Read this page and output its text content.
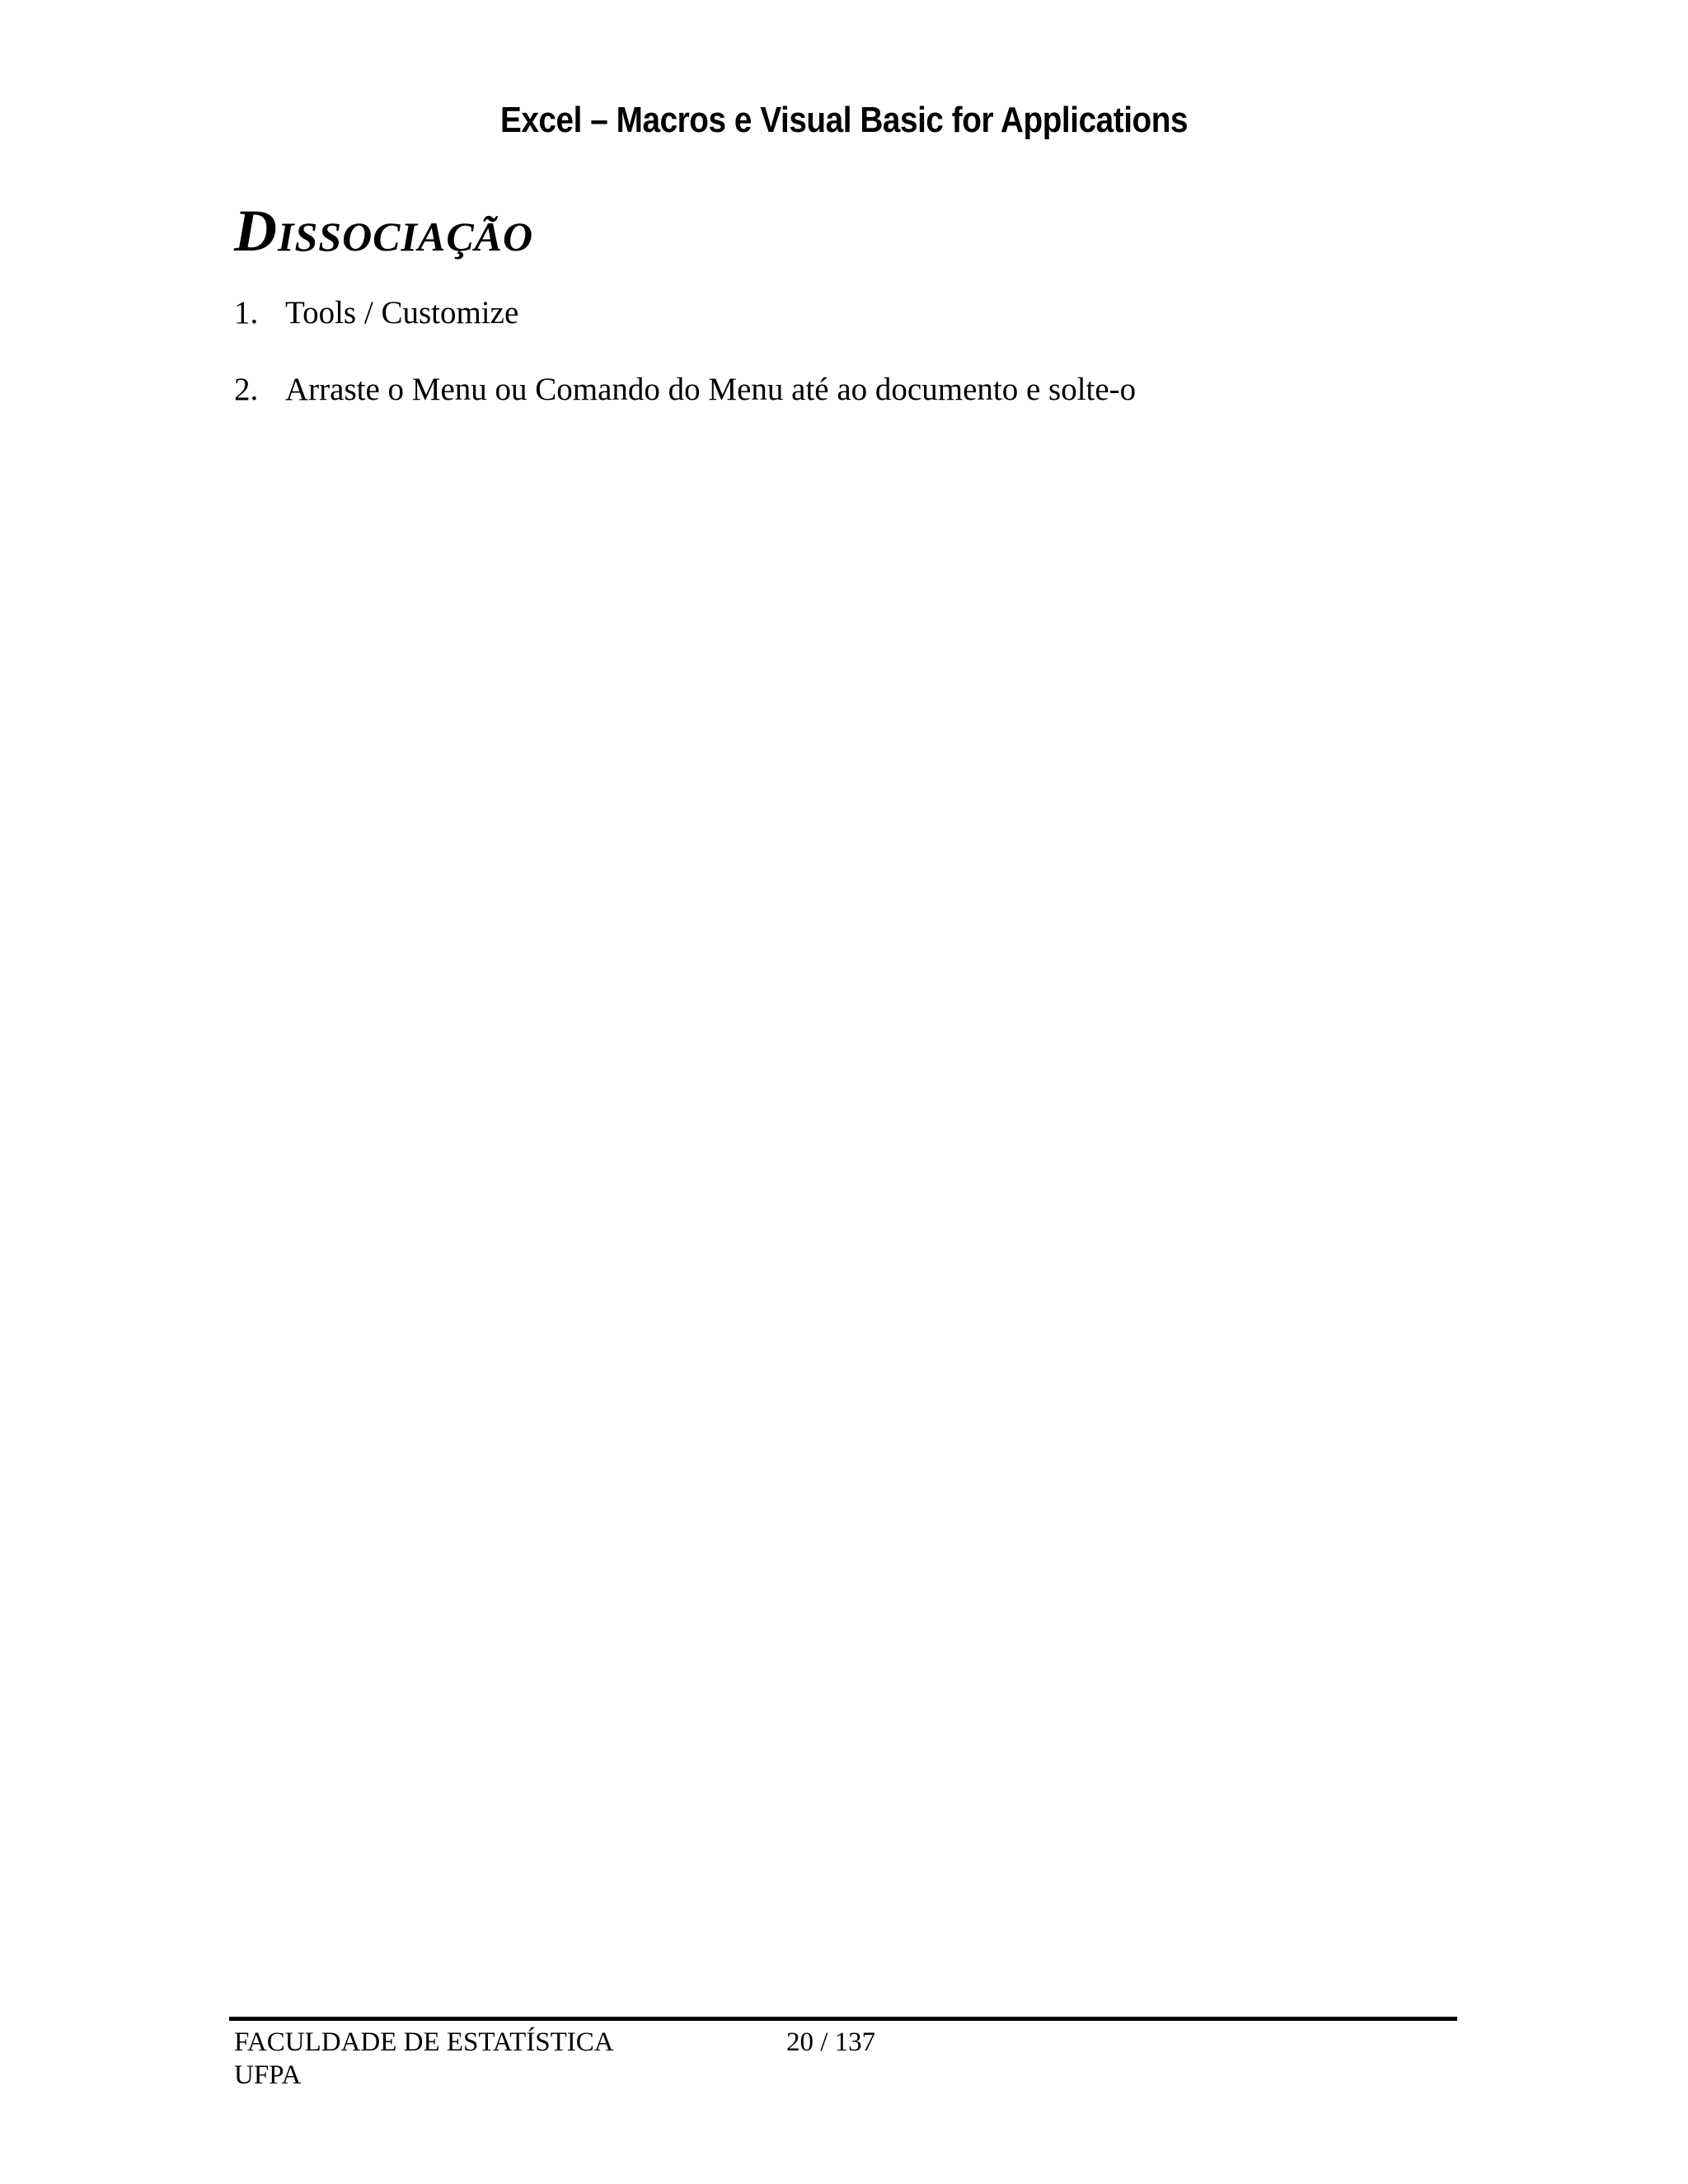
Excel – Macros e Visual Basic for Applications
Dissociação
1. Tools / Customize
2. Arraste o Menu ou Comando do Menu até ao documento e solte-o
FACULDADE DE ESTATÍSTICA
UFPA
20 / 137
